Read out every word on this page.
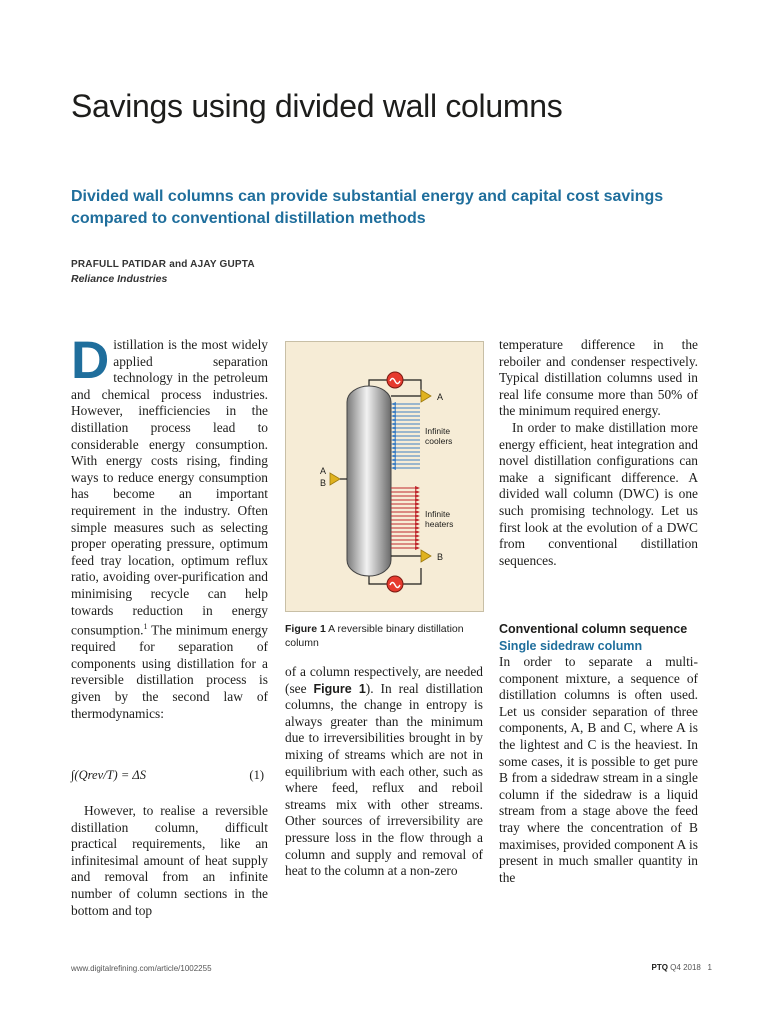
Savings using divided wall columns
Divided wall columns can provide substantial energy and capital cost savings compared to conventional distillation methods
PRAFULL PATIDAR and AJAY GUPTA
Reliance Industries

Distillation is the most widely applied separation technology in the petroleum and chemical process industries. However, inefficiencies in the distillation process lead to considerable energy consumption. With energy costs rising, finding ways to reduce energy consumption has become an important requirement in the industry. Often simple measures such as selecting proper operating pressure, optimum feed tray location, optimum reflux ratio, avoiding over-purification and minimising recycle can help towards reduction in energy consumption.$^1$ The minimum energy required for separation of components using distillation for a reversible distillation process is given by the second law of thermodynamics:

∫(Qrev/T) = ΔS	(1)

However, to realise a reversible distillation column, difficult practical requirements, like an infinitesimal amount of heat supply and removal from an infinite number of column sections in the bottom and top

A
B
A
B
Infinite
coolers
Infinite
heaters
Figure 1 A reversible binary distillation column

of a column respectively, are needed (see Figure 1). In real distillation columns, the change in entropy is always greater than the minimum due to irreversibilities brought in by mixing of streams which are not in equilibrium with each other, such as where feed, reflux and reboil streams mix with other streams. Other sources of irreversibility are pressure loss in the flow through a column and supply and removal of heat to the column at a non-zero

temperature difference in the reboiler and condenser respectively. Typical distillation columns used in real life consume more than 50% of the minimum required energy.

In order to make distillation more energy efficient, heat integration and novel distillation configurations can make a significant difference. A divided wall column (DWC) is one such promising technology. Let us first look at the evolution of a DWC from conventional distillation sequences.

Conventional column sequence
Single sidedraw column

In order to separate a multi-component mixture, a sequence of distillation columns is often used. Let us consider separation of three components, A, B and C, where A is the lightest and C is the heaviest. In some cases, it is possible to get pure B from a sidedraw stream in a single column if the sidedraw is a liquid stream from a stage above the feed tray where the concentration of B maximises, provided component A is present in much smaller quantity in the

www.digitalrefining.com/article/1002255	PTQ Q4 2018 1
